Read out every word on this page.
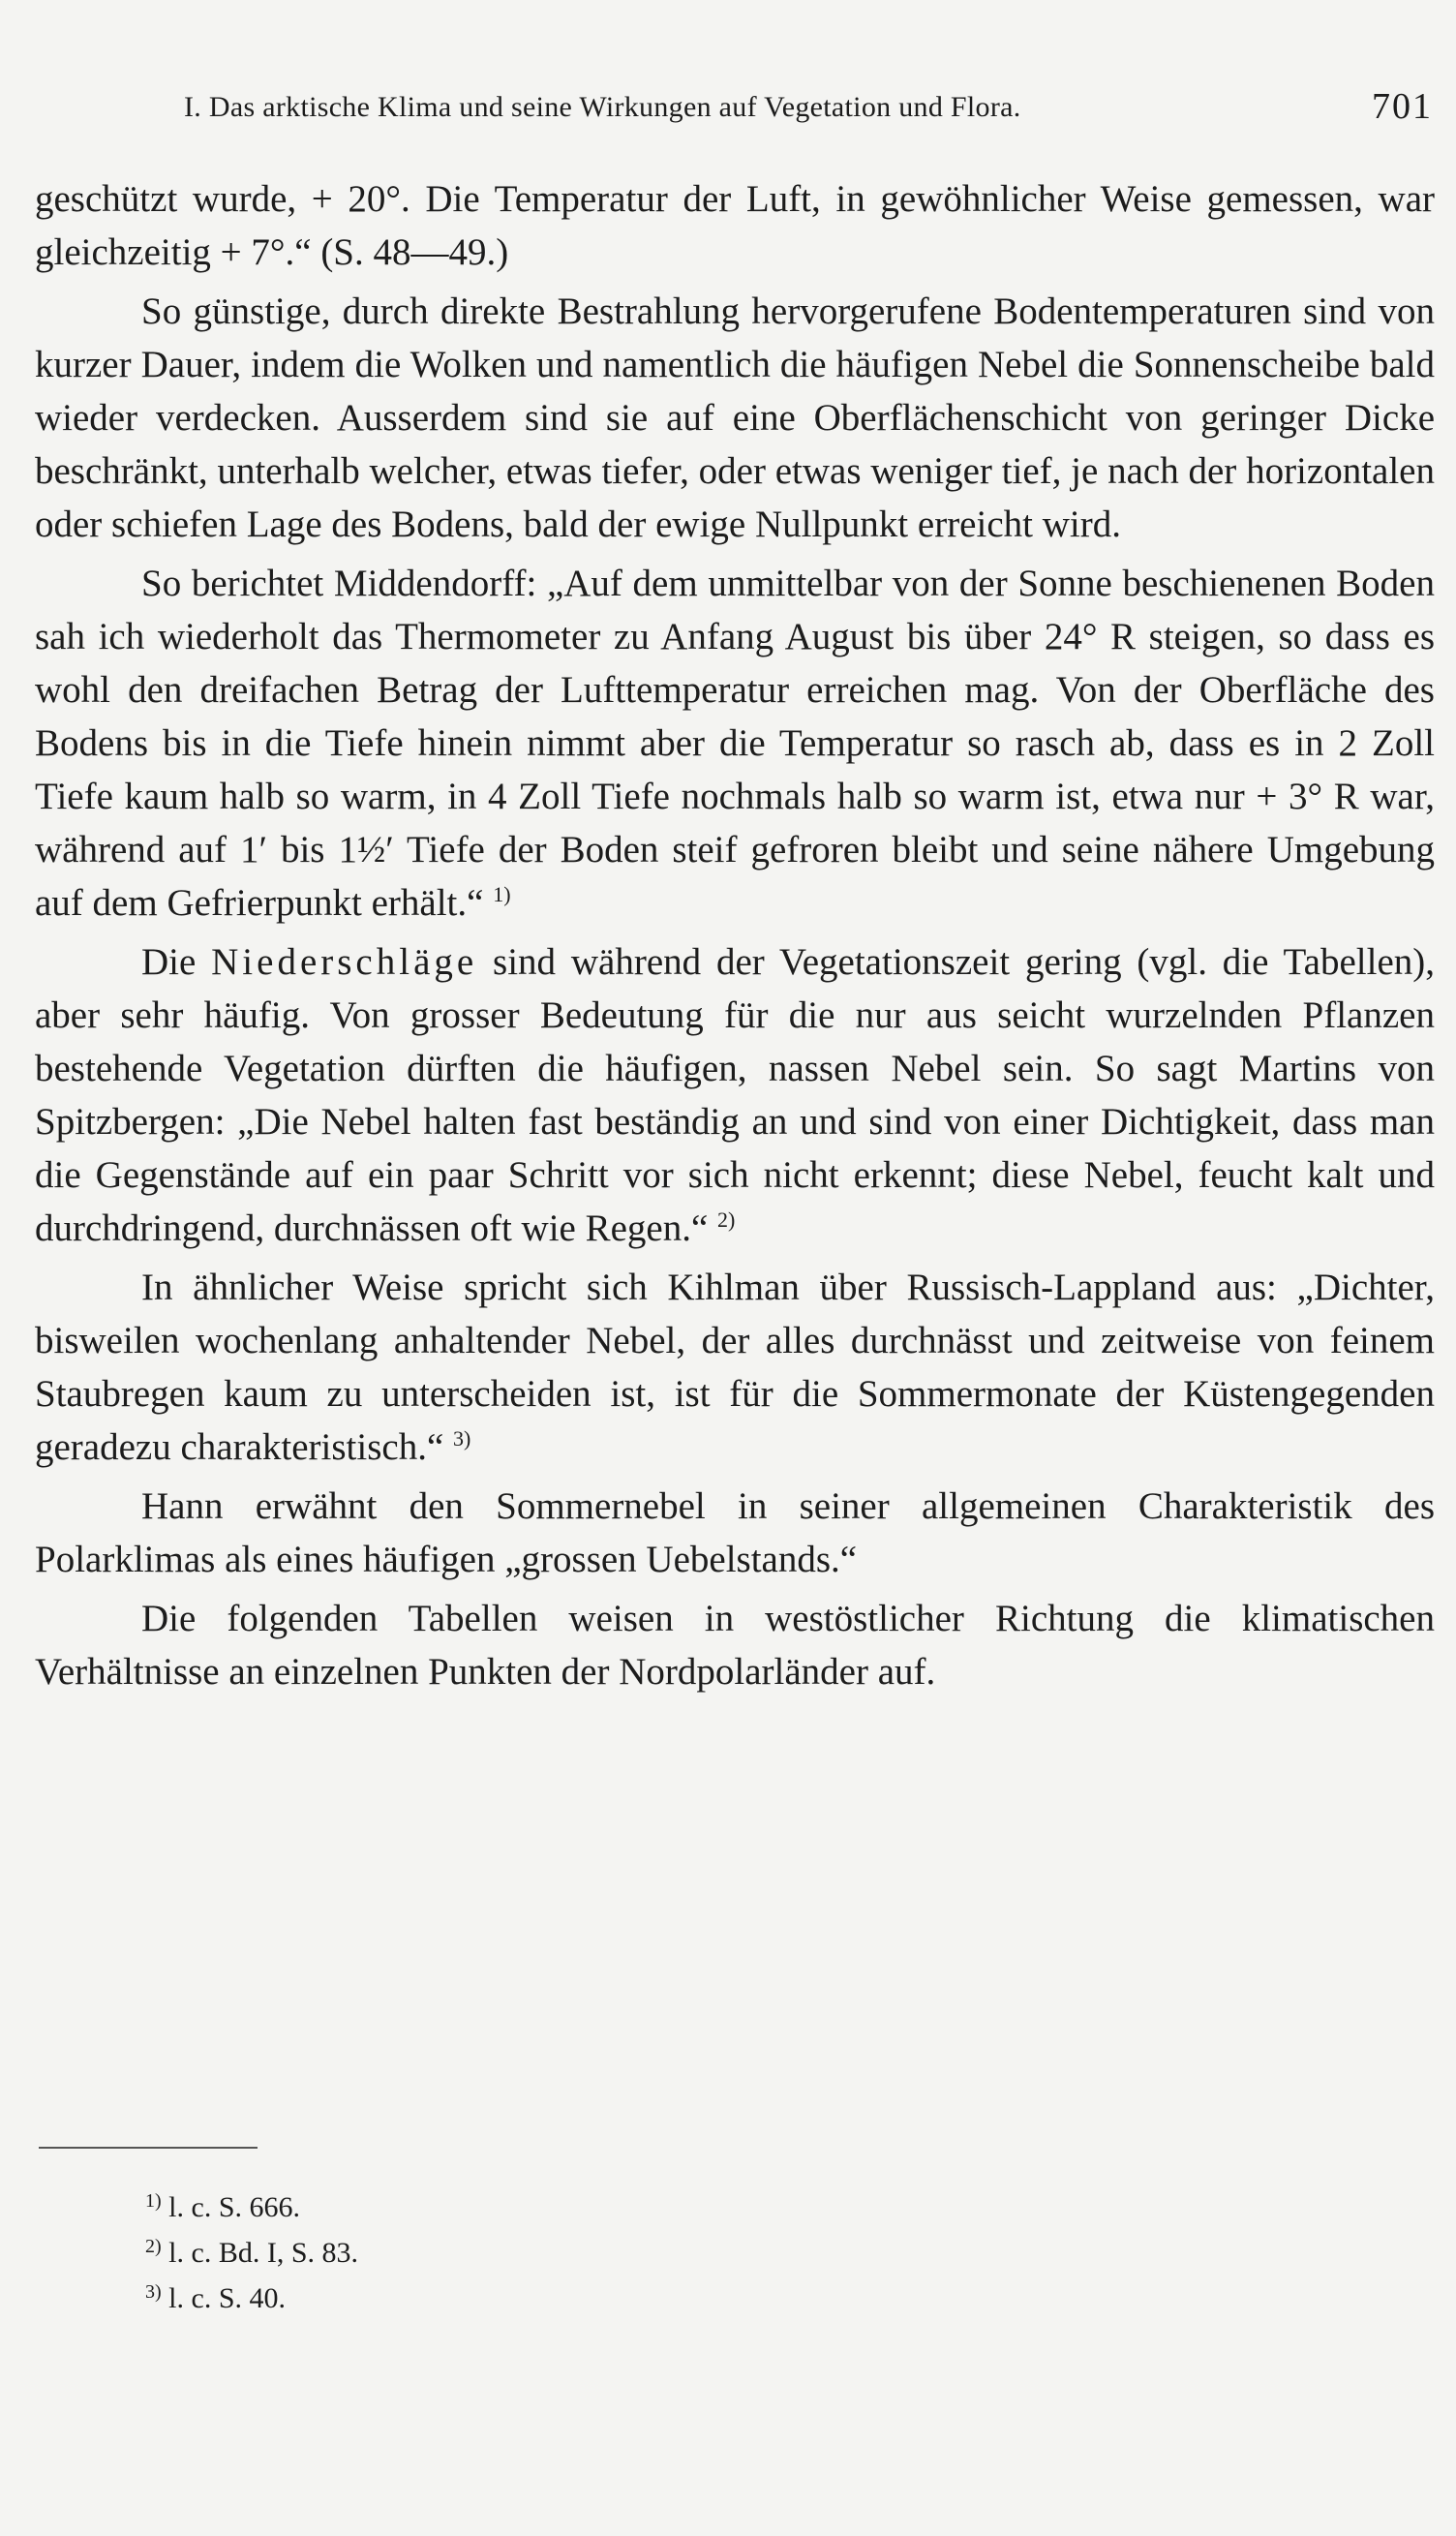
I. Das arktische Klima und seine Wirkungen auf Vegetation und Flora.	701

geschützt wurde, + 20°. Die Temperatur der Luft, in gewöhnlicher Weise gemessen, war gleichzeitig + 7°.“ (S. 48—49.)

So günstige, durch direkte Bestrahlung hervorgerufene Bodentemperaturen sind von kurzer Dauer, indem die Wolken und namentlich die häufigen Nebel die Sonnenscheibe bald wieder verdecken. Ausserdem sind sie auf eine Oberflächenschicht von geringer Dicke beschränkt, unterhalb welcher, etwas tiefer, oder etwas weniger tief, je nach der horizontalen oder schiefen Lage des Bodens, bald der ewige Nullpunkt erreicht wird.

So berichtet Middendorff: „Auf dem unmittelbar von der Sonne beschienenen Boden sah ich wiederholt das Thermometer zu Anfang August bis über 24° R steigen, so dass es wohl den dreifachen Betrag der Lufttemperatur erreichen mag. Von der Oberfläche des Bodens bis in die Tiefe hinein nimmt aber die Temperatur so rasch ab, dass es in 2 Zoll Tiefe kaum halb so warm, in 4 Zoll Tiefe nochmals halb so warm ist, etwa nur + 3° R war, während auf 1′ bis 1½′ Tiefe der Boden steif gefroren bleibt und seine nähere Umgebung auf dem Gefrierpunkt erhält.“ $^{1)}$

Die Niederschläge sind während der Vegetationszeit gering (vgl. die Tabellen), aber sehr häufig. Von grosser Bedeutung für die nur aus seicht wurzelnden Pflanzen bestehende Vegetation dürften die häufigen, nassen Nebel sein. So sagt Martins von Spitzbergen: „Die Nebel halten fast beständig an und sind von einer Dichtigkeit, dass man die Gegenstände auf ein paar Schritt vor sich nicht erkennt; diese Nebel, feucht kalt und durchdringend, durchnässen oft wie Regen.“ $^{2)}$

In ähnlicher Weise spricht sich Kihlman über Russisch-Lappland aus: „Dichter, bisweilen wochenlang anhaltender Nebel, der alles durchnässt und zeitweise von feinem Staubregen kaum zu unterscheiden ist, ist für die Sommermonate der Küstengegenden geradezu charakteristisch.“ $^{3)}$

Hann erwähnt den Sommernebel in seiner allgemeinen Charakteristik des Polarklimas als eines häufigen „grossen Uebelstands.“

Die folgenden Tabellen weisen in westöstlicher Richtung die klimatischen Verhältnisse an einzelnen Punkten der Nordpolarländer auf.

$^{1)}$ l. c. S. 666.

$^{2)}$ l. c. Bd. I, S. 83.

$^{3)}$ l. c. S. 40.
